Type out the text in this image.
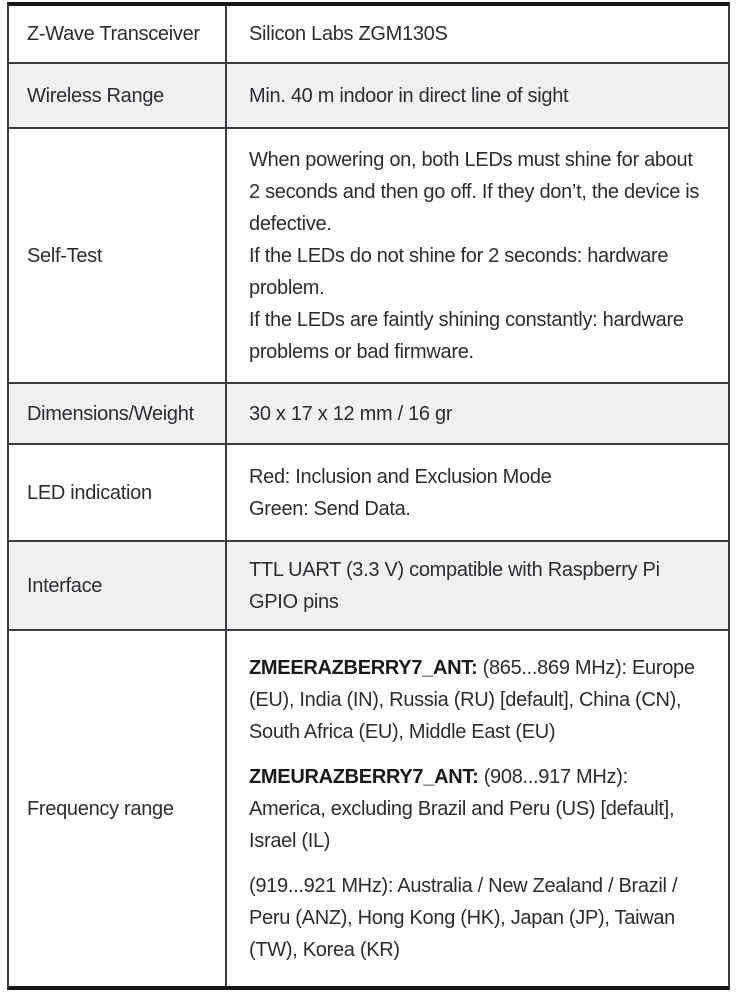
Z-Wave Transceiver Silicon Labs ZGM130S

Wireless Range	Min. 40 m indoor in direct line of sight

Self-Test

When powering on, both LEDs must shine for about 2 seconds and then go off. If they don’t, the device is defective.

If the LEDs do not shine for 2 seconds: hardware problem.

If the LEDs are faintly shining constantly: hardware problems or bad firmware.

Dimensions/Weight	30 x 17 x 12 mm / 16 gr

LED indication

Red: Inclusion and Exclusion Mode

Green: Send Data.

Interface

TTL UART (3.3 V) compatible with Raspberry Pi GPIO pins

Frequency range

ZMEERAZBERRY7_ANT: (865...869 MHz): Europe (EU), India (IN), Russia (RU) [default], China (CN), South Africa (EU), Middle East (EU)

ZMEURAZBERRY7_ANT: (908...917 MHz): America, excluding Brazil and Peru (US) [default], Israel (IL)

(919...921 MHz): Australia / New Zealand / Brazil / Peru (ANZ), Hong Kong (HK), Japan (JP), Taiwan (TW), Korea (KR)
